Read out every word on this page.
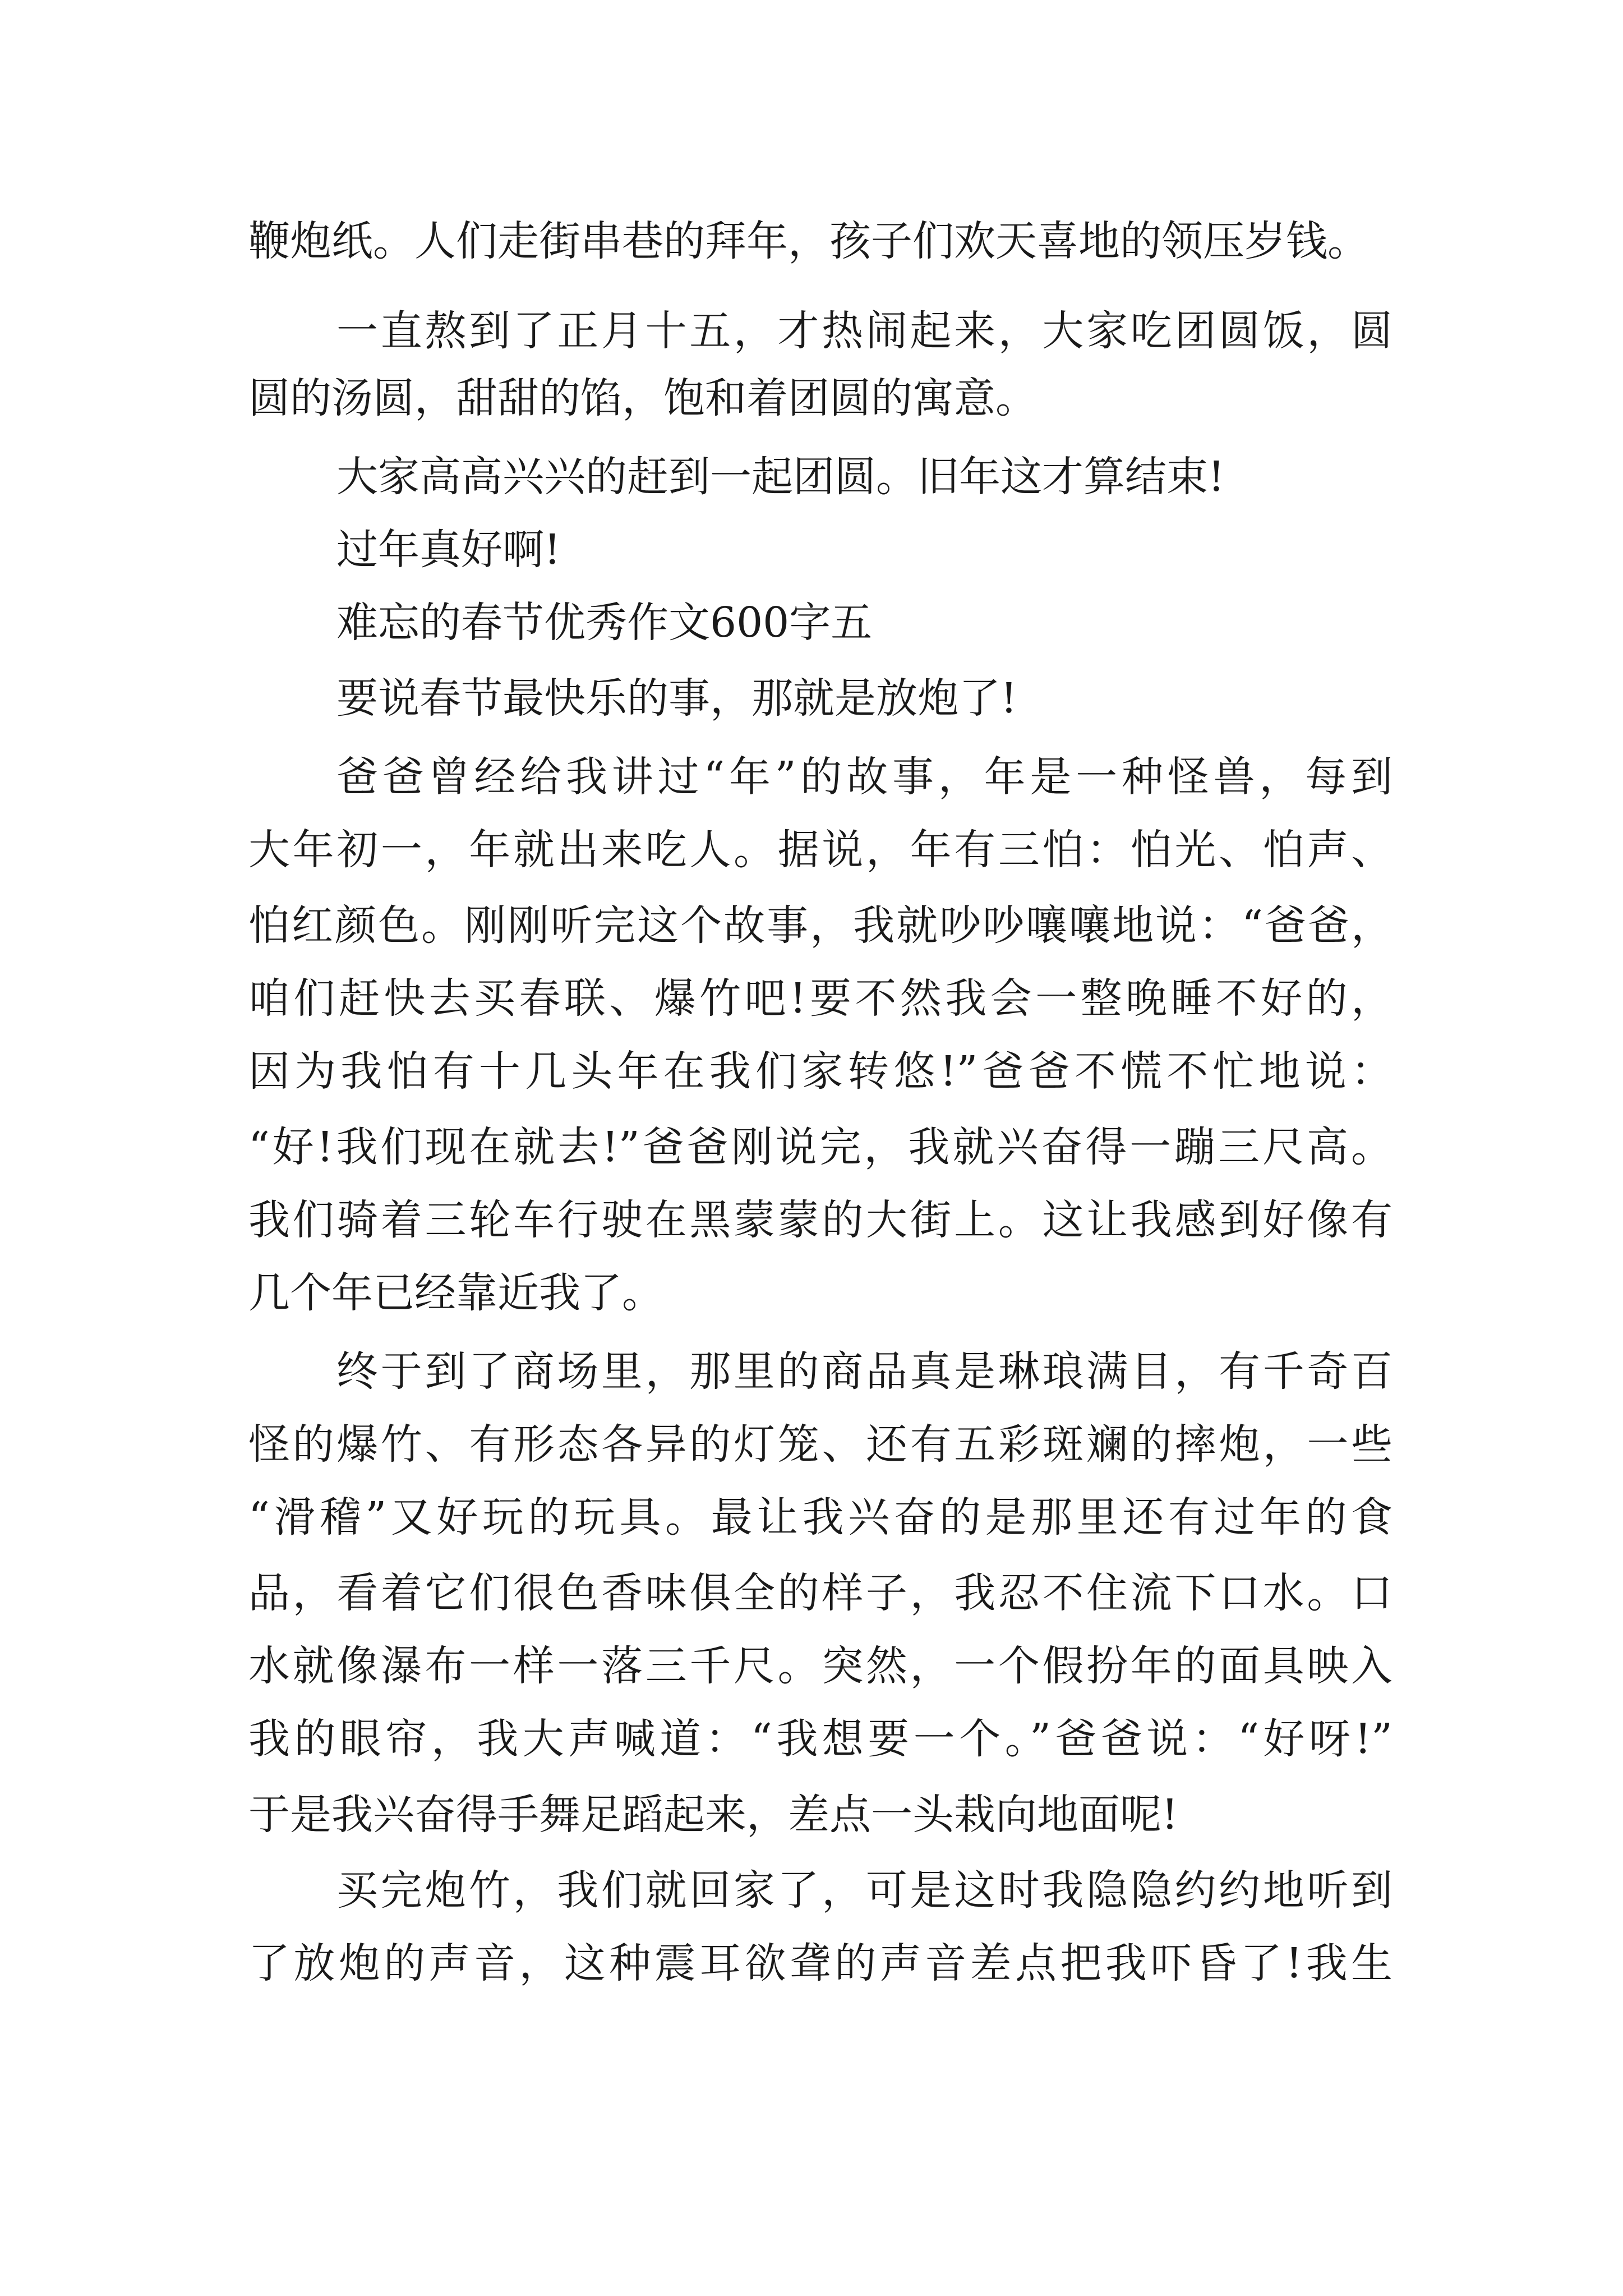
鞭炮纸。人们走街串巷的拜年，孩子们欢天喜地的领压岁钱。
一直熬到了正月十五，才热闹起来，大家吃团圆饭，圆
圆的汤圆，甜甜的馅，饱和着团圆的寓意。
大家高高兴兴的赶到一起团圆。旧年这才算结束!
过年真好啊!
难忘的春节优秀作文600字五
要说春节最快乐的事，那就是放炮了!
爸爸曾经给我讲过“年”的故事，年是一种怪兽，每到
大年初一，年就出来吃人。据说，年有三怕：怕光、怕声、
怕红颜色。刚刚听完这个故事，我就吵吵嚷嚷地说：“爸爸，
咱们赶快去买春联、爆竹吧!要不然我会一整晚睡不好的，
因为我怕有十几头年在我们家转悠!”爸爸不慌不忙地说：
“好!我们现在就去!”爸爸刚说完，我就兴奋得一蹦三尺高。
我们骑着三轮车行驶在黑蒙蒙的大街上。这让我感到好像有
几个年已经靠近我了。
终于到了商场里，那里的商品真是琳琅满目，有千奇百
怪的爆竹、有形态各异的灯笼、还有五彩斑斓的摔炮，一些
“滑稽”又好玩的玩具。最让我兴奋的是那里还有过年的食
品，看着它们很色香味俱全的样子，我忍不住流下口水。口
水就像瀑布一样一落三千尺。突然，一个假扮年的面具映入
我的眼帘，我大声喊道：“我想要一个。”爸爸说：“好呀!”
于是我兴奋得手舞足蹈起来，差点一头栽向地面呢!
买完炮竹，我们就回家了，可是这时我隐隐约约地听到
了放炮的声音，这种震耳欲聋的声音差点把我吓昏了!我生
